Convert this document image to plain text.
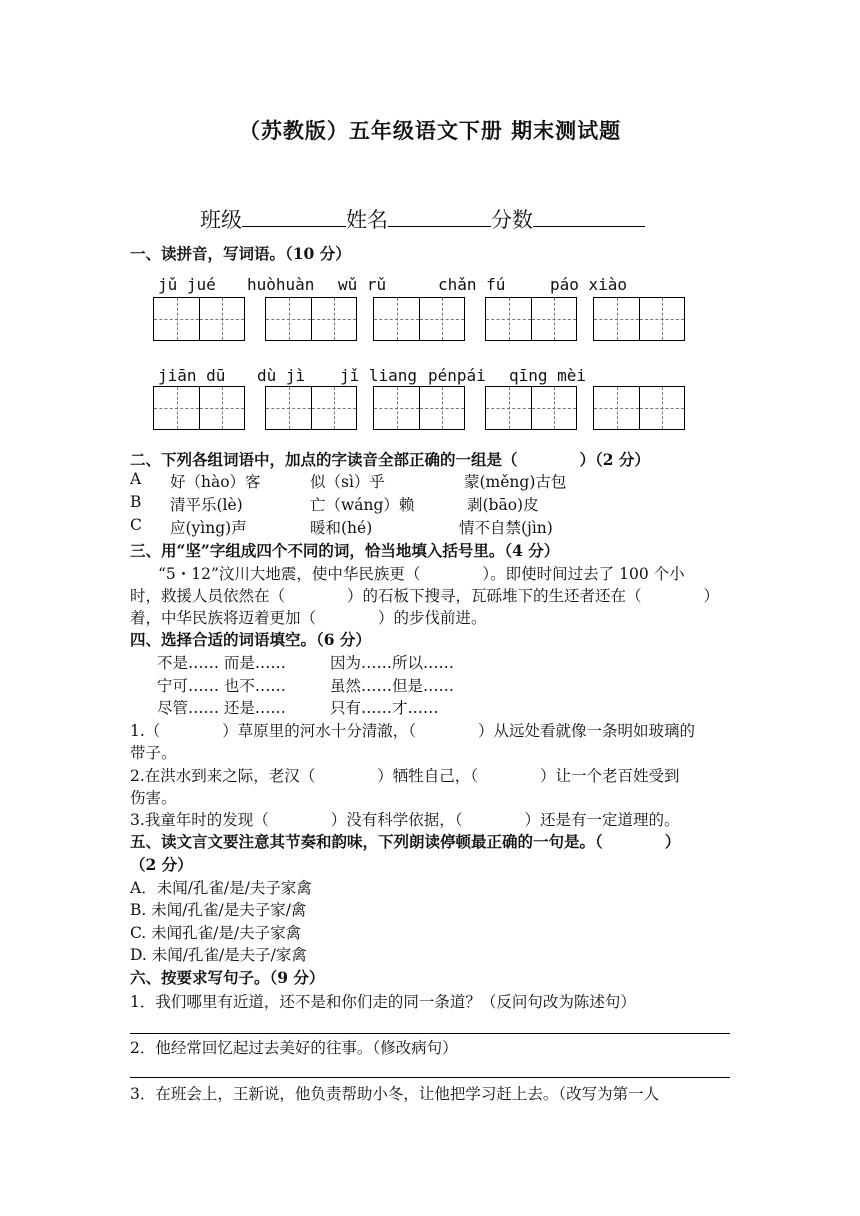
（苏教版）五年级语文下册 期末测试题
班级	姓名	分数
一、读拼音，写词语。（10 分）
jǔ jué huòhuàn wǔ rǔ	chǎn fú	páo xiào
jiān dū dù jì jǐ liang pénpái qīng mèi
二、下列各组词语中，加点的字读音全部正确的一组是（　　　　）（2 分）
A 好（hào）客	似（sì）乎	蒙(měng)古包
B 清平乐(lè)	亡（wáng）赖	剥(bāo)皮
C 应(yìng)声	暖和(hé)	情不自禁(jìn)
三、用“坚”字组成四个不同的词，恰当地填入括号里。（4 分）
“5・12”汶川大地震，使中华民族更（　　　　）。即使时间过去了 100 个小
时，救援人员依然在（　　　　）的石板下搜寻，瓦砾堆下的生还者还在（　　　　）
着，中华民族将迈着更加（　　　　）的步伐前进。
四、选择合适的词语填空。（6 分）
不是…… 而是……	因为……所以……
宁可…… 也不……	虽然……但是……
尽管…… 还是……	只有……才……
1.（　　　　）草原里的河水十分清澈，（　　　　）从远处看就像一条明如玻璃的
带子。
2.在洪水到来之际，老汉（　　　　）牺牲自己，（　　　　）让一个老百姓受到
伤害。
3.我童年时的发现（　　　　）没有科学依据，（　　　　）还是有一定道理的。
五、读文言文要注意其节奏和韵味，下列朗读停顿最正确的一句是。（　　　　）
（2 分）
A．未闻/孔雀/是/夫子家禽
B. 未闻/孔雀/是夫子家/禽
C. 未闻孔雀/是/夫子家禽
D. 未闻/孔雀/是夫子/家禽
六、按要求写句子。（9 分）
1．我们哪里有近道，还不是和你们走的同一条道？（反问句改为陈述句）
2．他经常回忆起过去美好的往事。（修改病句）
3．在班会上，王新说，他负责帮助小冬，让他把学习赶上去。（改写为第一人
